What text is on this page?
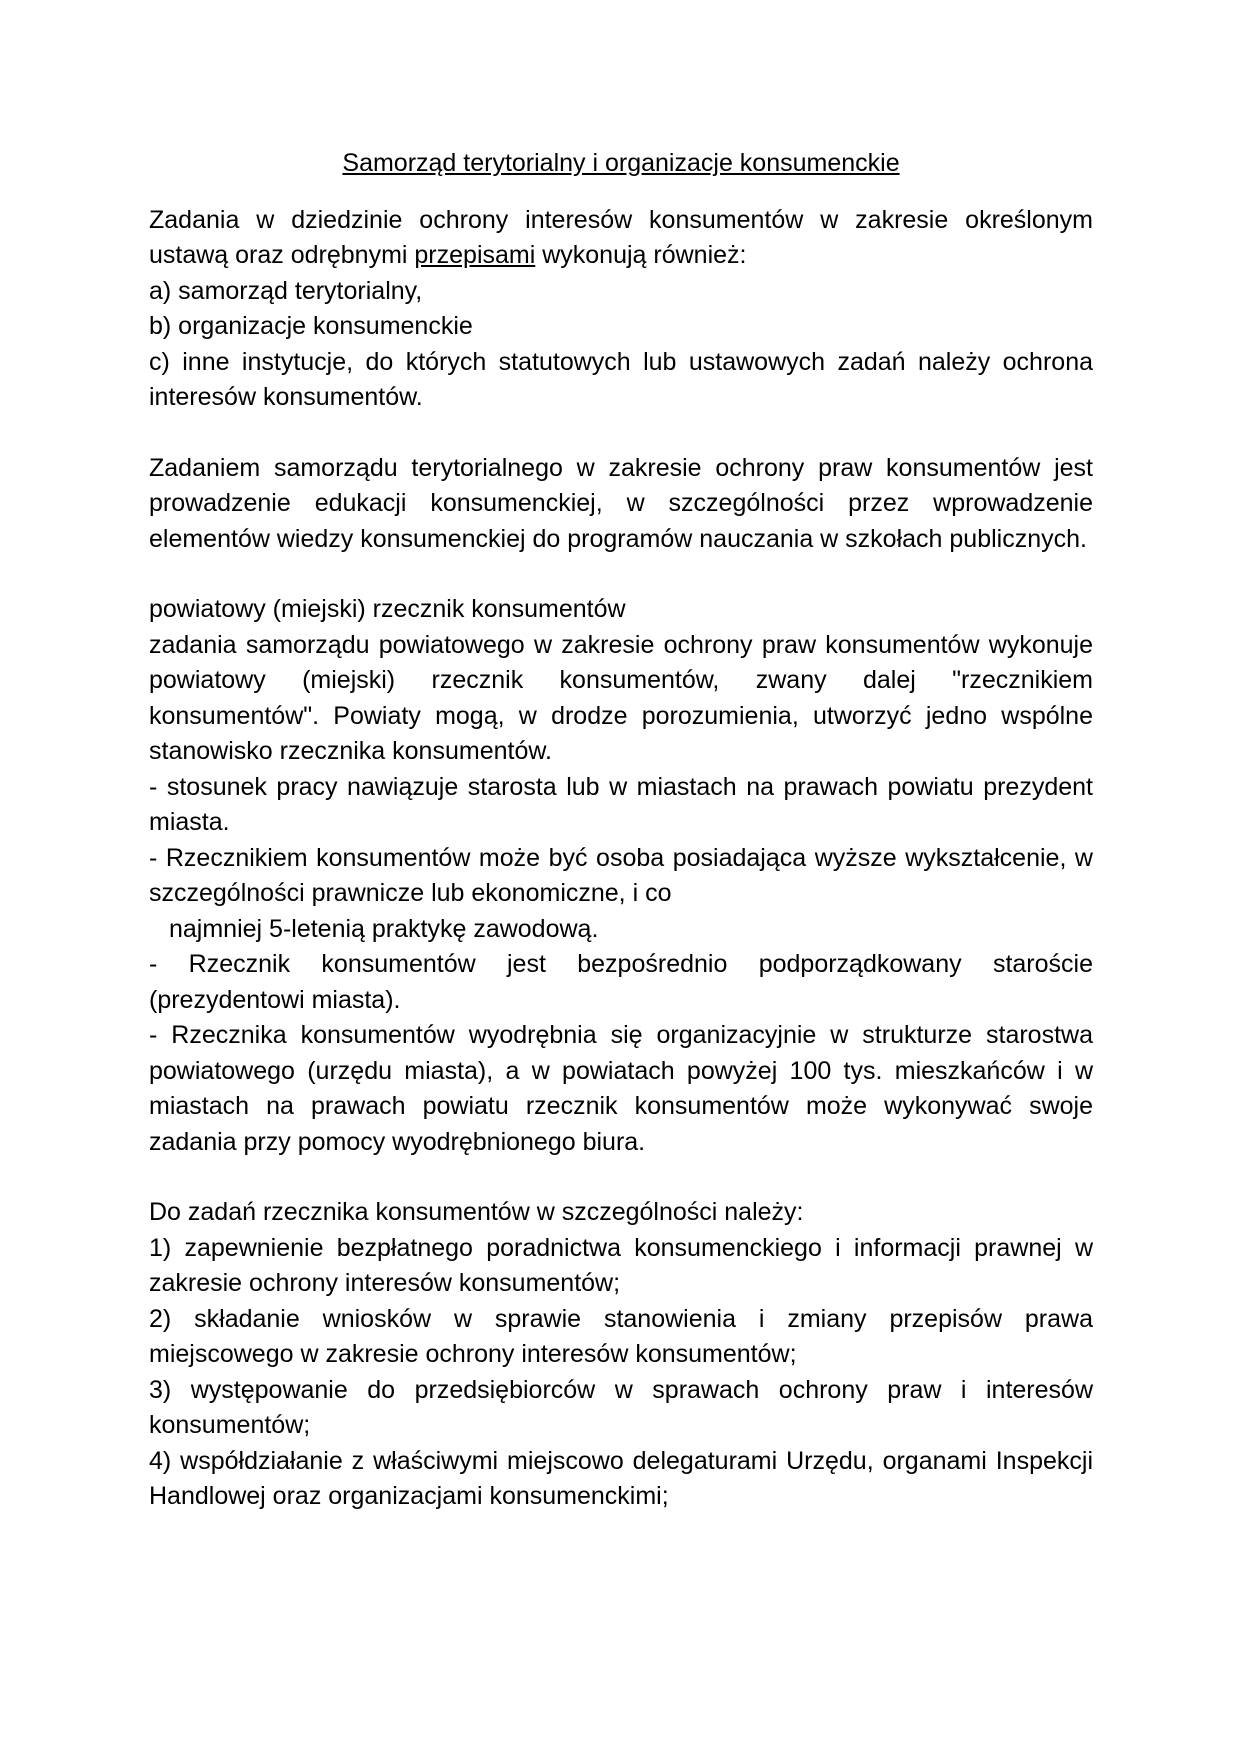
Samorząd terytorialny i organizacje konsumenckie

Zadania w dziedzinie ochrony interesów konsumentów w zakresie określonym ustawą oraz odrębnymi przepisami wykonują również:

a) samorząd terytorialny,

b) organizacje konsumenckie

c) inne instytucje, do których statutowych lub ustawowych zadań należy ochrona interesów konsumentów.

Zadaniem samorządu terytorialnego w zakresie ochrony praw konsumentów jest prowadzenie edukacji konsumenckiej, w szczególności przez wprowadzenie elementów wiedzy konsumenckiej do programów nauczania w szkołach publicznych.

powiatowy (miejski) rzecznik konsumentów

zadania samorządu powiatowego w zakresie ochrony praw konsumentów wykonuje powiatowy (miejski) rzecznik konsumentów, zwany dalej "rzecznikiem konsumentów". Powiaty mogą, w drodze porozumienia, utworzyć jedno wspólne stanowisko rzecznika konsumentów.

- stosunek pracy nawiązuje starosta lub w miastach na prawach powiatu prezydent miasta.

- Rzecznikiem konsumentów może być osoba posiadająca wyższe wykształcenie, w szczególności prawnicze lub ekonomiczne, i co

najmniej 5-letenią praktykę zawodową.

- Rzecznik konsumentów jest bezpośrednio podporządkowany staroście (prezydentowi miasta).

- Rzecznika konsumentów wyodrębnia się organizacyjnie w strukturze starostwa powiatowego (urzędu miasta), a w powiatach powyżej 100 tys. mieszkańców i w miastach na prawach powiatu rzecznik konsumentów może wykonywać swoje zadania przy pomocy wyodrębnionego biura.

Do zadań rzecznika konsumentów w szczególności należy:

1) zapewnienie bezpłatnego poradnictwa konsumenckiego i informacji prawnej w zakresie ochrony interesów konsumentów;

2) składanie wniosków w sprawie stanowienia i zmiany przepisów prawa miejscowego w zakresie ochrony interesów konsumentów;

3) występowanie do przedsiębiorców w sprawach ochrony praw i interesów konsumentów;

4) współdziałanie z właściwymi miejscowo delegaturami Urzędu, organami Inspekcji Handlowej oraz organizacjami konsumenckimi;
